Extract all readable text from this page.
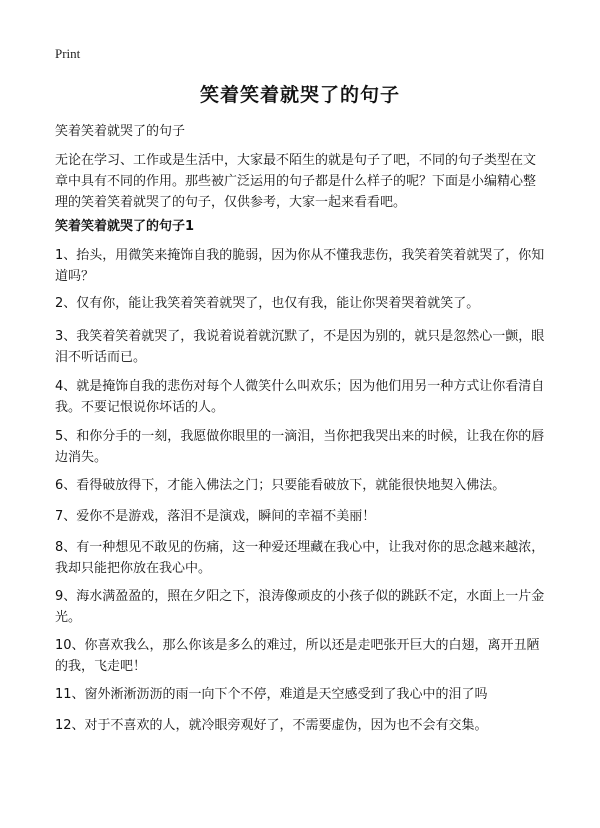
Print
笑着笑着就哭了的句子
笑着笑着就哭了的句子
无论在学习、工作或是生活中，大家最不陌生的就是句子了吧，不同的句子类型在文章中具有不同的作用。那些被广泛运用的句子都是什么样子的呢？下面是小编精心整理的笑着笑着就哭了的句子，仅供参考，大家一起来看看吧。
笑着笑着就哭了的句子1
1、抬头，用微笑来掩饰自我的脆弱，因为你从不懂我悲伤，我笑着笑着就哭了，你知道吗？
2、仅有你，能让我笑着笑着就哭了，也仅有我，能让你哭着哭着就笑了。
3、我笑着笑着就哭了，我说着说着就沉默了，不是因为别的，就只是忽然心一颤，眼泪不听话而已。
4、就是掩饰自我的悲伤对每个人微笑什么叫欢乐；因为他们用另一种方式让你看清自我。不要记恨说你坏话的人。
5、和你分手的一刻，我愿做你眼里的一滴泪，当你把我哭出来的时候，让我在你的唇边消失。
6、看得破放得下，才能入佛法之门；只要能看破放下，就能很快地契入佛法。
7、爱你不是游戏，落泪不是演戏，瞬间的幸福不美丽！
8、有一种想见不敢见的伤痛，这一种爱还埋藏在我心中，让我对你的思念越来越浓，我却只能把你放在我心中。
9、海水满盈盈的，照在夕阳之下，浪涛像顽皮的小孩子似的跳跃不定，水面上一片金光。
10、你喜欢我么，那么你该是多么的难过，所以还是走吧张开巨大的白翅，离开丑陋的我，飞走吧！
11、窗外淅淅沥沥的雨一向下个不停，难道是天空感受到了我心中的泪了吗
12、对于不喜欢的人，就冷眼旁观好了，不需要虚伪，因为也不会有交集。
